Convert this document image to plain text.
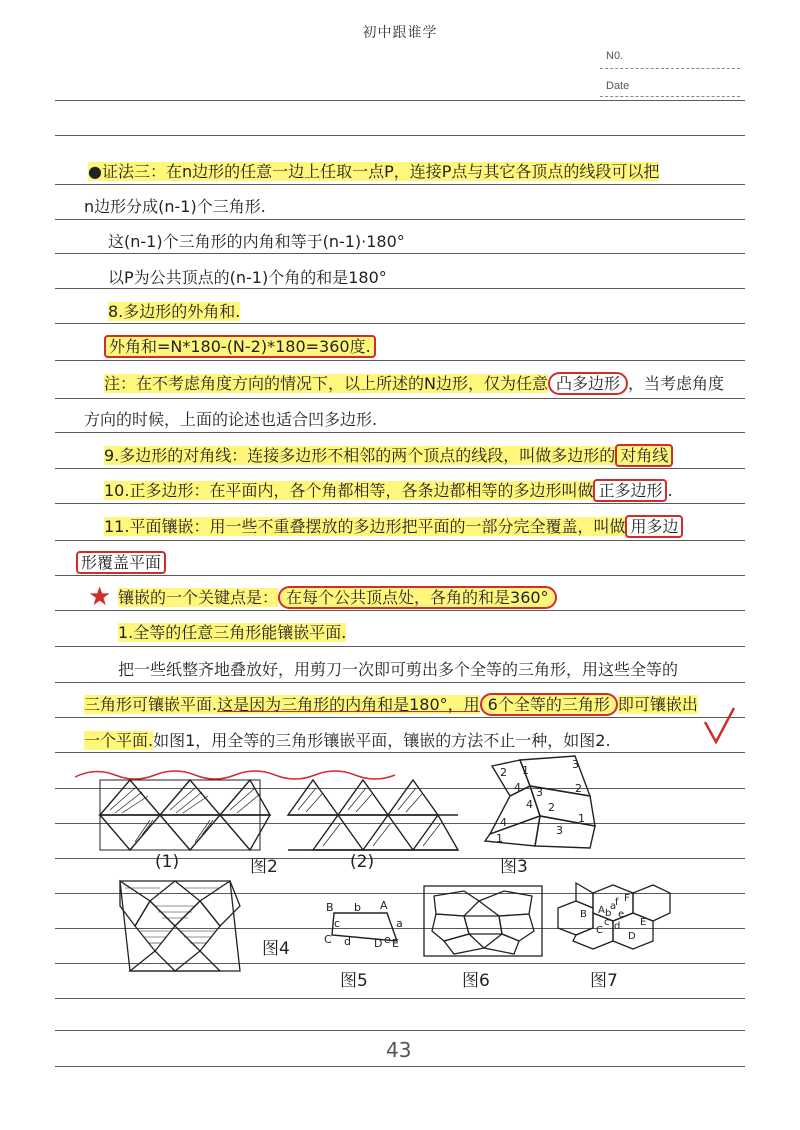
初中跟谁学
N0.
Date
●证法三：在n边形的任意一边上任取一点P，连接P点与其它各顶点的线段可以把
n边形分成(n-1)个三角形.
这(n-1)个三角形的内角和等于(n-1)·180°
以P为公共顶点的(n-1)个角的和是180°
8.多边形的外角和.
外角和=N*180-(N-2)*180=360度.
注：在不考虑角度方向的情况下，以上所述的N边形，仅为任意 凸多边形 ，当考虑角度
方向的时候，上面的论述也适合凹多边形.
9.多边形的对角线：连接多边形不相邻的两个顶点的线段，叫做多边形的 对角线
10.正多边形：在平面内，各个角都相等，各条边都相等的多边形叫做 正多边形 .
11.平面镶嵌：用一些不重叠摆放的多边形把平面的一部分完全覆盖，叫做 用多边
形覆盖平面
★ 镶嵌的一个关键点是： 在每个公共顶点处，各角的和是360°
1.全等的任意三角形能镶嵌平面.
把一些纸整齐地叠放好，用剪刀一次即可剪出多个全等的三角形，用这些全等的
三角形可镶嵌平面.这是因为三角形的内角和是180°，用 6个全等的三角形 即可镶嵌出
一个平面.如图1，用全等的三角形镶嵌平面，镶嵌的方法不止一种，如图2.
(1)	图2	(2)
2 1
4
3
2
3
4 2
1
4
1
3
图3
图4
B b A
C
a
c
d D e E
图5	图6
A
B
C
D
E
F
b
c d
e
f
a
图7
43
